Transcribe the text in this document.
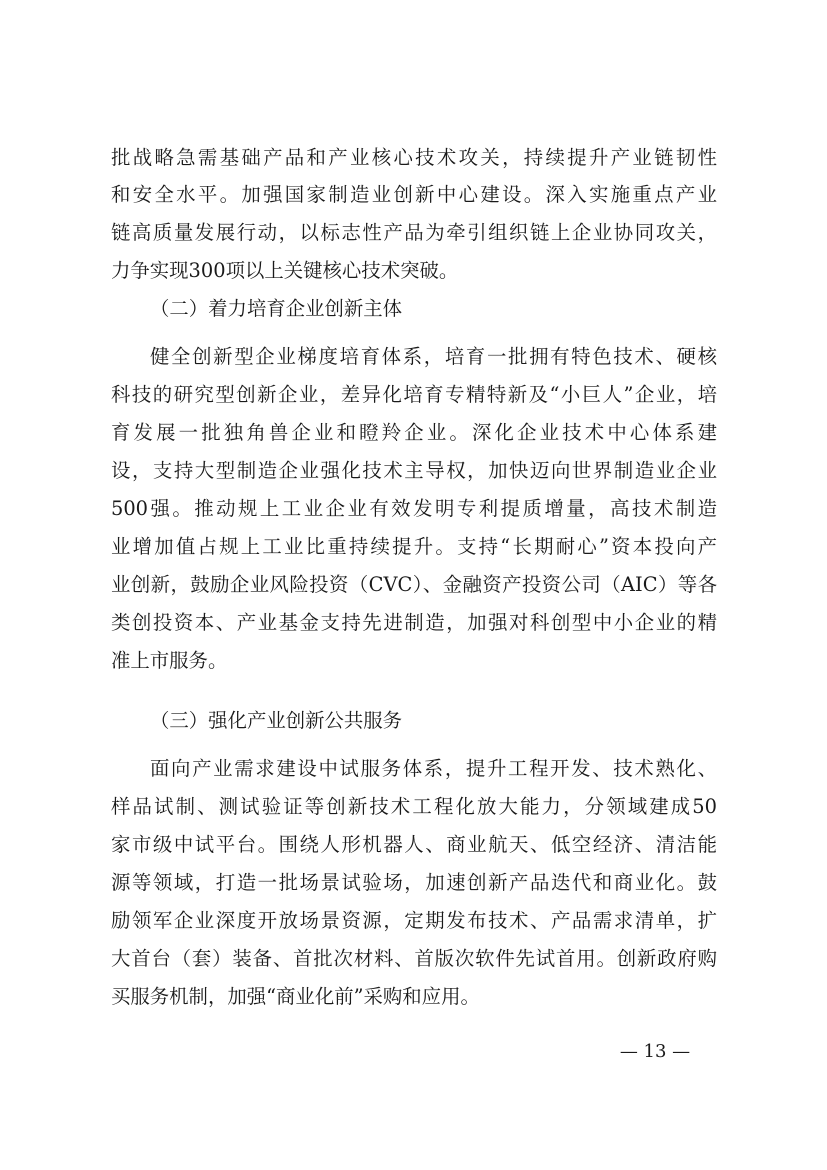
批战略急需基础产品和产业核心技术攻关，持续提升产业链韧性
和安全水平。加强国家制造业创新中心建设。深入实施重点产业
链高质量发展行动，以标志性产品为牵引组织链上企业协同攻关，
力争实现300项以上关键核心技术突破。
（二）着力培育企业创新主体
健全创新型企业梯度培育体系，培育一批拥有特色技术、硬核
科技的研究型创新企业，差异化培育专精特新及“小巨人”企业，培
育发展一批独角兽企业和瞪羚企业。深化企业技术中心体系建
设，支持大型制造企业强化技术主导权，加快迈向世界制造业企业
500强。推动规上工业企业有效发明专利提质增量，高技术制造
业增加值占规上工业比重持续提升。支持“长期耐心”资本投向产
业创新，鼓励企业风险投资（CVC）、金融资产投资公司（AIC）等各
类创投资本、产业基金支持先进制造，加强对科创型中小企业的精
准上市服务。
（三）强化产业创新公共服务
面向产业需求建设中试服务体系，提升工程开发、技术熟化、
样品试制、测试验证等创新技术工程化放大能力，分领域建成50
家市级中试平台。围绕人形机器人、商业航天、低空经济、清洁能
源等领域，打造一批场景试验场，加速创新产品迭代和商业化。鼓
励领军企业深度开放场景资源，定期发布技术、产品需求清单，扩
大首台（套）装备、首批次材料、首版次软件先试首用。创新政府购
买服务机制，加强“商业化前”采购和应用。
— 13 —
